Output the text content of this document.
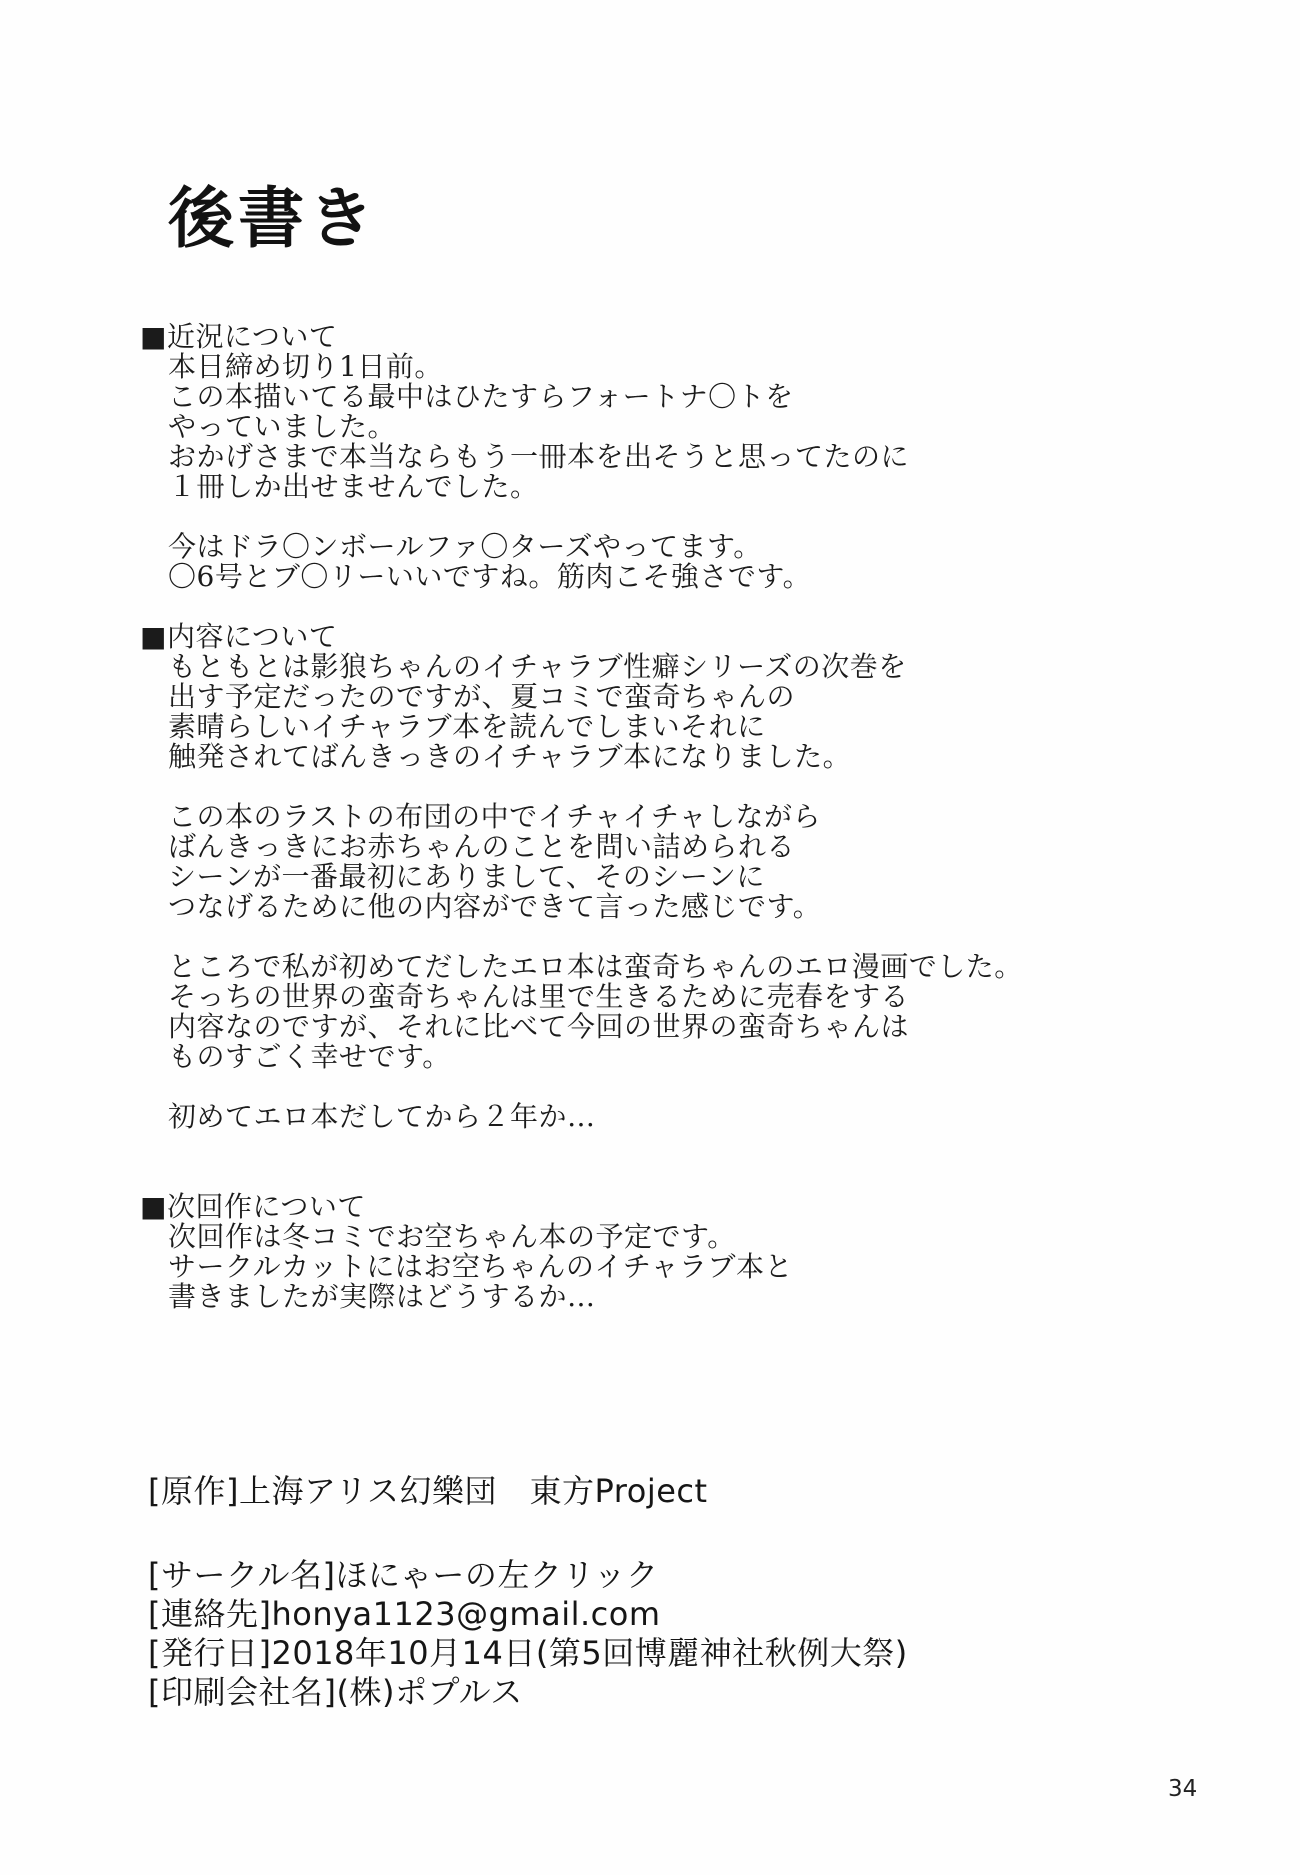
後書き
■近況について
本日締め切り1日前。
この本描いてる最中はひたすらフォートナ〇トを
やっていました。
おかげさまで本当ならもう一冊本を出そうと思ってたのに
１冊しか出せませんでした。
今はドラ〇ンボールファ〇ターズやってます。
〇6号とブ〇リーいいですね。筋肉こそ強さです。
■内容について
もともとは影狼ちゃんのイチャラブ性癖シリーズの次巻を
出す予定だったのですが、夏コミで蛮奇ちゃんの
素晴らしいイチャラブ本を読んでしまいそれに
触発されてばんきっきのイチャラブ本になりました。
この本のラストの布団の中でイチャイチャしながら
ばんきっきにお赤ちゃんのことを問い詰められる
シーンが一番最初にありまして、そのシーンに
つなげるために他の内容ができて言った感じです。
ところで私が初めてだしたエロ本は蛮奇ちゃんのエロ漫画でした。
そっちの世界の蛮奇ちゃんは里で生きるために売春をする
内容なのですが、それに比べて今回の世界の蛮奇ちゃんは
ものすごく幸せです。
初めてエロ本だしてから２年か…
■次回作について
次回作は冬コミでお空ちゃん本の予定です。
サークルカットにはお空ちゃんのイチャラブ本と
書きましたが実際はどうするか…
[原作]上海アリス幻樂団　東方Project
[サークル名]ほにゃーの左クリック
[連絡先]honya1123@gmail.com
[発行日]2018年10月14日(第5回博麗神社秋例大祭)
[印刷会社名](株)ポプルス
34
